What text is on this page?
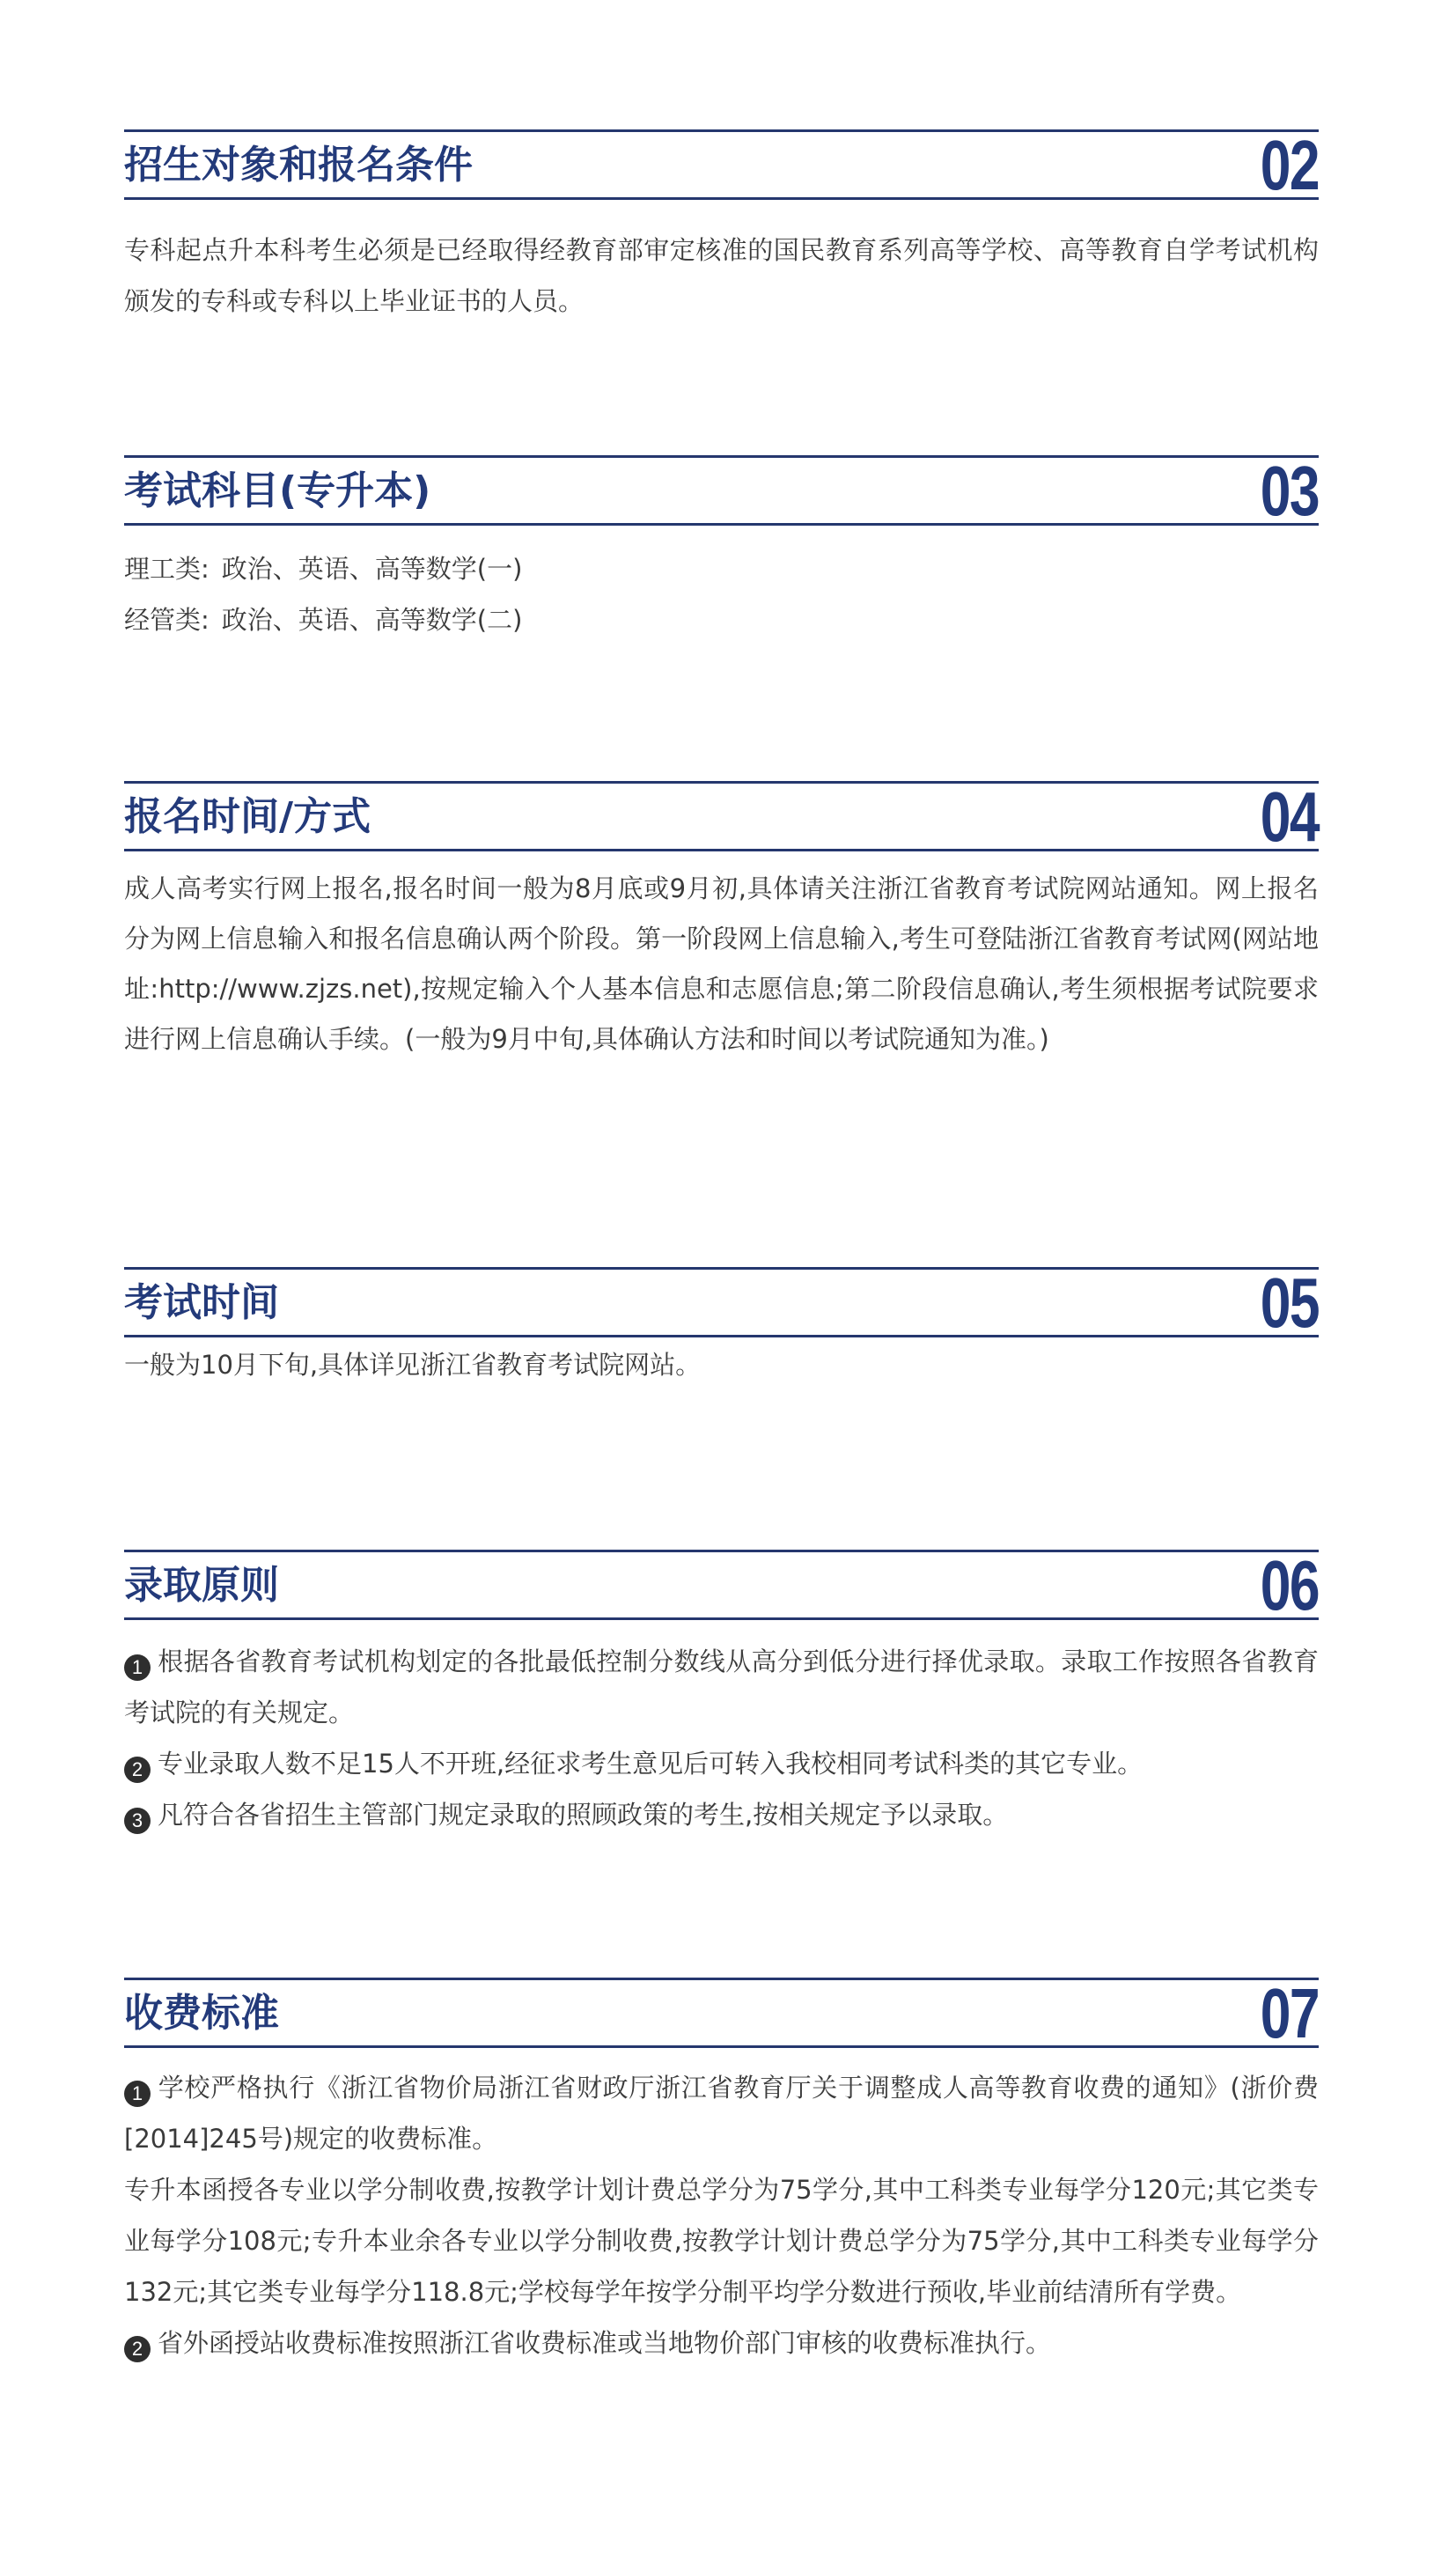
招生对象和报名条件	02

专科起点升本科考生必须是已经取得经教育部审定核准的国民教育系列高等学校、高等教育自学考试机构颁发的专科或专科以上毕业证书的人员。

考试科目(专升本)	03

理工类: 政治、英语、高等数学(一)

经管类: 政治、英语、高等数学(二)

报名时间/方式	04

成人高考实行网上报名,报名时间一般为8月底或9月初,具体请关注浙江省教育考试院网站通知。网上报名分为网上信息输入和报名信息确认两个阶段。第一阶段网上信息输入,考生可登陆浙江省教育考试网(网站地址:http://www.zjzs.net),按规定输入个人基本信息和志愿信息;第二阶段信息确认,考生须根据考试院要求进行网上信息确认手续。(一般为9月中旬,具体确认方法和时间以考试院通知为准。)

考试时间	05

一般为10月下旬,具体详见浙江省教育考试院网站。

录取原则	06

1 根据各省教育考试机构划定的各批最低控制分数线从高分到低分进行择优录取。录取工作按照各省教育考试院的有关规定。

2 专业录取人数不足15人不开班,经征求考生意见后可转入我校相同考试科类的其它专业。

3 凡符合各省招生主管部门规定录取的照顾政策的考生,按相关规定予以录取。

收费标准	07

1 学校严格执行《浙江省物价局浙江省财政厅浙江省教育厅关于调整成人高等教育收费的通知》(浙价费[2014]245号)规定的收费标准。

专升本函授各专业以学分制收费,按教学计划计费总学分为75学分,其中工科类专业每学分120元;其它类专业每学分108元;专升本业余各专业以学分制收费,按教学计划计费总学分为75学分,其中工科类专业每学分132元;其它类专业每学分118.8元;学校每学年按学分制平均学分数进行预收,毕业前结清所有学费。

2 省外函授站收费标准按照浙江省收费标准或当地物价部门审核的收费标准执行。
